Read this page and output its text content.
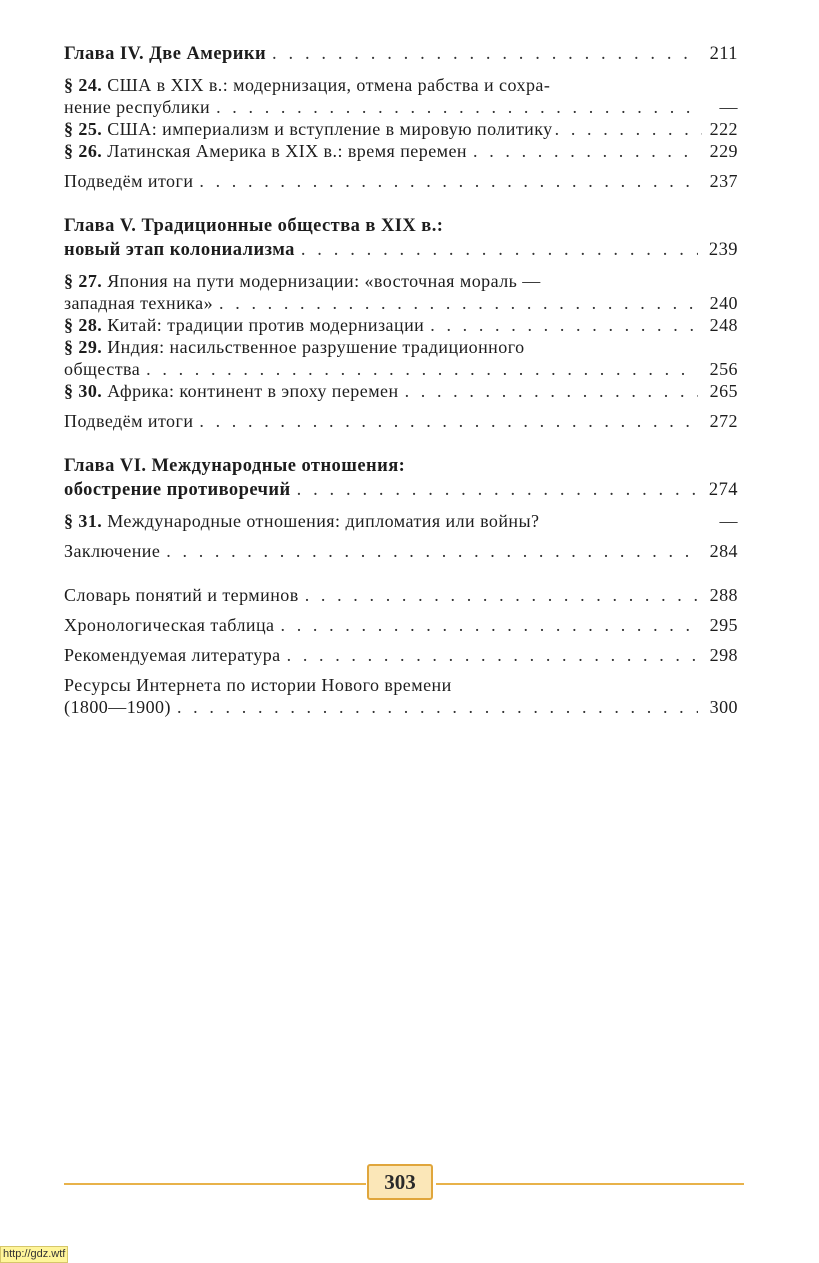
Глава IV. Две Америки . . .	211
§ 24. США в XIX в.: модернизация, отмена рабства и сохра-
нение республики . . .	—
§ 25. США: империализм и вступление в мировую политику . . .	222
§ 26. Латинская Америка в XIX в.: время перемен . . .	229
Подведём итоги . . .	237
Глава V. Традиционные общества в XIX в.:
новый этап колониализма . . .	239
§ 27. Япония на пути модернизации: «восточная мораль —
западная техника» . . .	240
§ 28. Китай: традиции против модернизации . . .	248
§ 29. Индия: насильственное разрушение традиционного
общества . . .	256
§ 30. Африка: континент в эпоху перемен . . .	265
Подведём итоги . . .	272
Глава VI. Международные отношения:
обострение противоречий . . .	274
§ 31. Международные отношения: дипломатия или войны?	—
Заключение . . .	284
Словарь понятий и терминов . . .	288
Хронологическая таблица . . .	295
Рекомендуемая литература . . .	298
Ресурсы Интернета по истории Нового времени
(1800—1900) . . .	300
303
http://gdz.wtf
